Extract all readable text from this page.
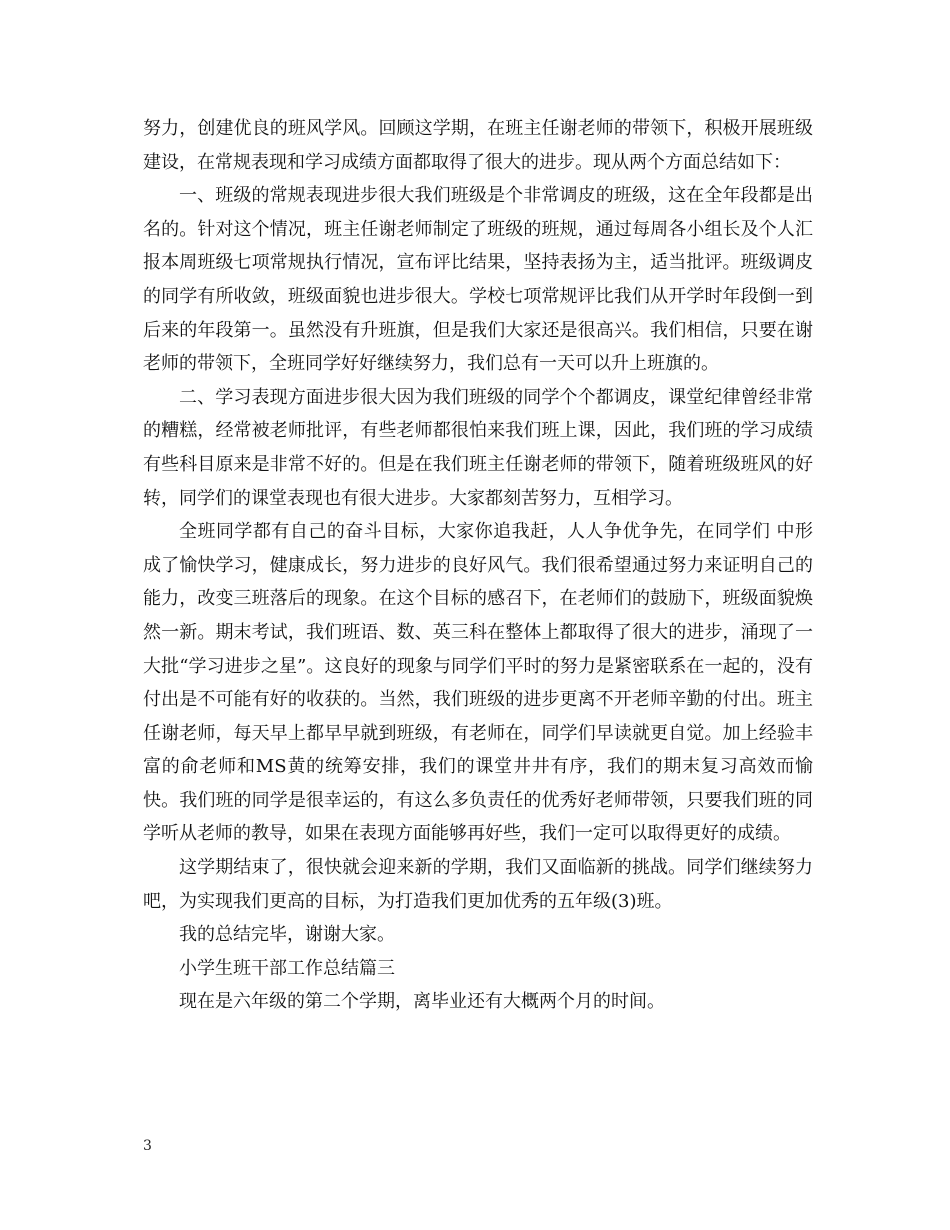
努力，创建优良的班风学风。回顾这学期，在班主任谢老师的带领下，积极开展班级建设，在常规表现和学习成绩方面都取得了很大的进步。现从两个方面总结如下：

一、班级的常规表现进步很大我们班级是个非常调皮的班级，这在全年段都是出名的。针对这个情况，班主任谢老师制定了班级的班规，通过每周各小组长及个人汇报本周班级七项常规执行情况，宣布评比结果，坚持表扬为主，适当批评。班级调皮的同学有所收敛，班级面貌也进步很大。学校七项常规评比我们从开学时年段倒一到后来的年段第一。虽然没有升班旗，但是我们大家还是很高兴。我们相信，只要在谢老师的带领下，全班同学好好继续努力，我们总有一天可以升上班旗的。

二、学习表现方面进步很大因为我们班级的同学个个都调皮，课堂纪律曾经非常的糟糕，经常被老师批评，有些老师都很怕来我们班上课，因此，我们班的学习成绩有些科目原来是非常不好的。但是在我们班主任谢老师的带领下，随着班级班风的好转，同学们的课堂表现也有很大进步。大家都刻苦努力，互相学习。

全班同学都有自己的奋斗目标，大家你追我赶，人人争优争先，在同学们 中形成了愉快学习，健康成长，努力进步的良好风气。我们很希望通过努力来证明自己的能力，改变三班落后的现象。在这个目标的感召下，在老师们的鼓励下，班级面貌焕然一新。期末考试，我们班语、数、英三科在整体上都取得了很大的进步，涌现了一大批“学习进步之星”。这良好的现象与同学们平时的努力是紧密联系在一起的，没有付出是不可能有好的收获的。当然，我们班级的进步更离不开老师辛勤的付出。班主任谢老师，每天早上都早早就到班级，有老师在，同学们早读就更自觉。加上经验丰富的俞老师和MS黄的统筹安排，我们的课堂井井有序，我们的期末复习高效而愉快。我们班的同学是很幸运的，有这么多负责任的优秀好老师带领，只要我们班的同学听从老师的教导，如果在表现方面能够再好些，我们一定可以取得更好的成绩。

这学期结束了，很快就会迎来新的学期，我们又面临新的挑战。同学们继续努力吧，为实现我们更高的目标，为打造我们更加优秀的五年级(3)班。

我的总结完毕，谢谢大家。

小学生班干部工作总结篇三

现在是六年级的第二个学期，离毕业还有大概两个月的时间。

3
